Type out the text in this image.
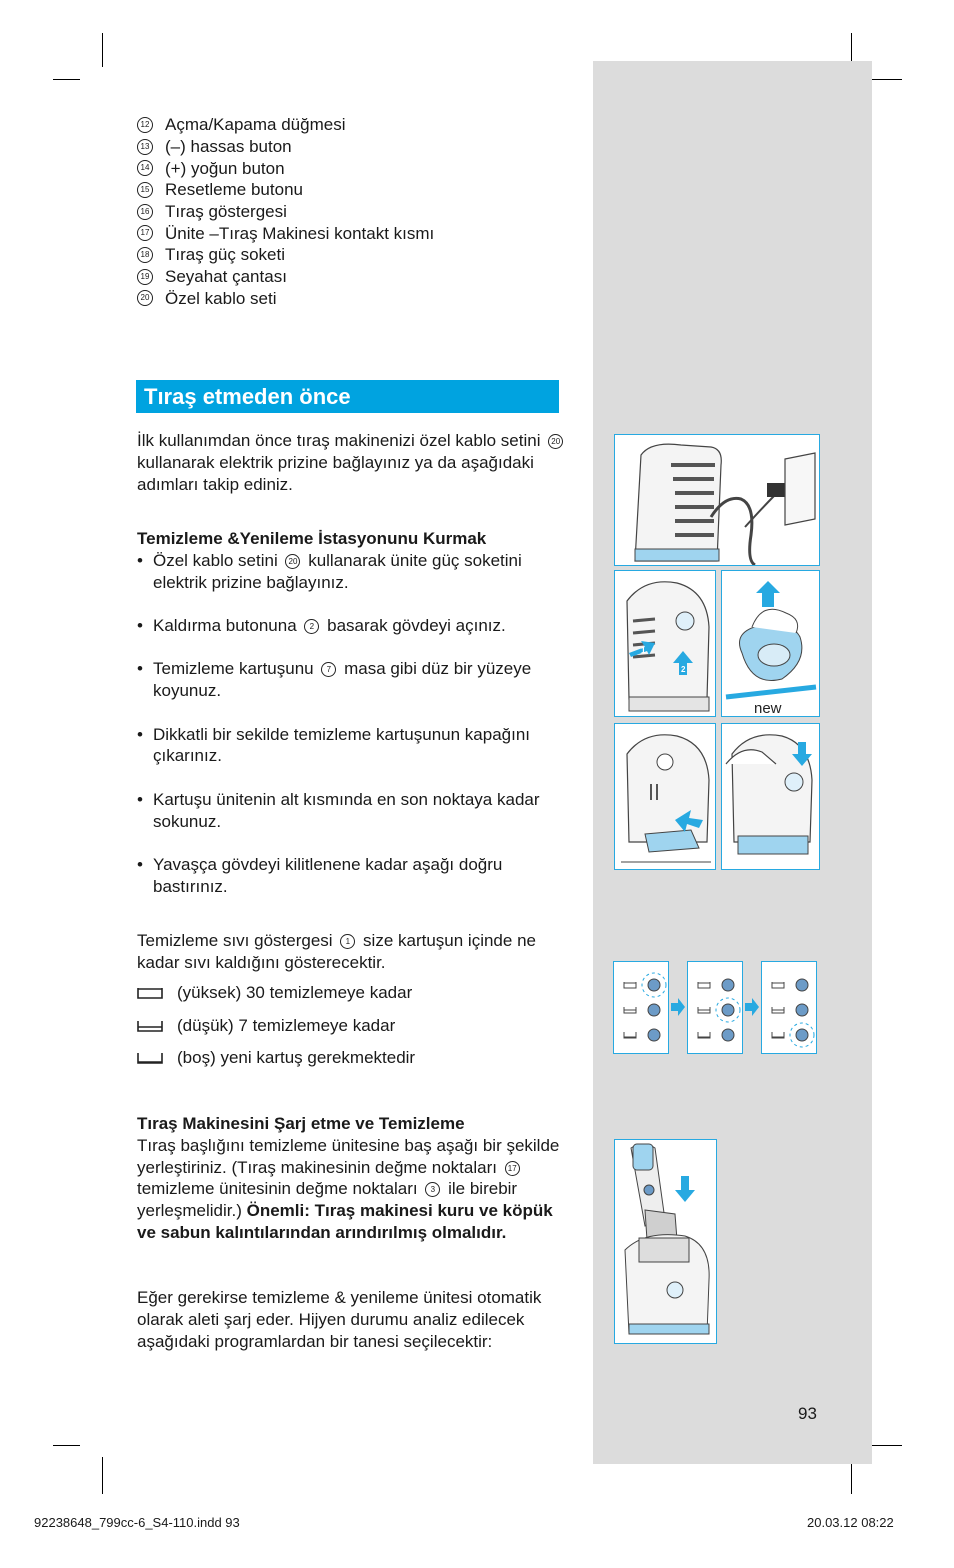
12 Açma/Kapama düğmesi
13 (–) hassas buton
14 (+) yoğun buton
15 Resetleme butonu
16 Tıraş göstergesi
17 Ünite –Tıraş Makinesi kontakt kısmı
18 Tıraş güç soketi
19 Seyahat çantası
20 Özel kablo seti
Tıraş etmeden önce
İlk kullanımdan önce tıraş makinenizi özel kablo setini 20 kullanarak elektrik prizine bağlayınız ya da aşağıdaki adımları takip ediniz.

Temizleme &Yenileme İstasyonunu Kurmak

• Özel kablo setini 20 kullanarak ünite güç soketini elektrik prizine bağlayınız.
• Kaldırma butonuna 2 basarak gövdeyi açınız.
• Temizleme kartuşunu 7 masa gibi düz bir yüzeye koyunuz.
• Dikkatli bir sekilde temizleme kartuşunun kapağını çıkarınız.
• Kartuşu ünitenin alt kısmında en son noktaya kadar sokunuz.
• Yavaşça gövdeyi kilitlenene kadar aşağı doğru bastırınız.
Temizleme sıvı göstergesi 1 size kartuşun içinde ne kadar sıvı kaldığını gösterecektir.
(yüksek) 30 temizlemeye kadar
(düşük) 7 temizlemeye kadar
(boş) yeni kartuş gerekmektedir

Tıraş Makinesini Şarj etme ve Temizleme

Tıraş başlığını temizleme ünitesine baş aşağı bir şekilde yerleştiriniz. (Tıraş makinesinin değme noktaları 17 temizleme ünitesinin değme noktaları 3 ile birebir yerleşmelidir.) Önemli: Tıraş makinesi kuru ve köpük ve sabun kalıntılarından arındırılmış olmalıdır.

Eğer gerekirse temizleme & yenileme ünitesi otomatik olarak aleti şarj eder. Hijyen durumu analiz edilecek aşağıdaki programlardan bir tanesi seçilecektir:

1
2
new
93
92238648_799cc-6_S4-110.indd 93	20.03.12 08:22
